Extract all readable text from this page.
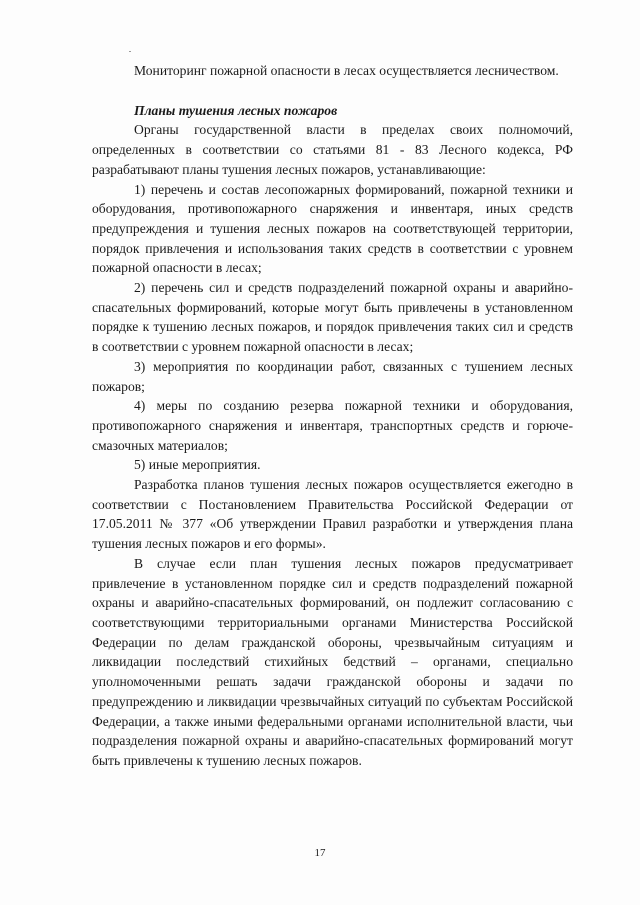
Мониторинг пожарной опасности в лесах осуществляется лесничеством.

Планы тушения лесных пожаров

Органы государственной власти в пределах своих полномочий, определенных в соответствии со статьями 81 - 83 Лесного кодекса, РФ разрабатывают планы тушения лесных пожаров, устанавливающие:

1) перечень и состав лесопожарных формирований, пожарной техники и оборудования, противопожарного снаряжения и инвентаря, иных средств предупреждения и тушения лесных пожаров на соответствующей территории, порядок привлечения и использования таких средств в соответствии с уровнем пожарной опасности в лесах;

2) перечень сил и средств подразделений пожарной охраны и аварийно-спасательных формирований, которые могут быть привлечены в установленном порядке к тушению лесных пожаров, и порядок привлечения таких сил и средств в соответствии с уровнем пожарной опасности в лесах;

3) мероприятия по координации работ, связанных с тушением лесных пожаров;

4) меры по созданию резерва пожарной техники и оборудования, противопожарного снаряжения и инвентаря, транспортных средств и горюче-смазочных материалов;

5) иные мероприятия.

Разработка планов тушения лесных пожаров осуществляется ежегодно в соответствии с Постановлением Правительства Российской Федерации от 17.05.2011 № 377 «Об утверждении Правил разработки и утверждения плана тушения лесных пожаров и его формы».

В случае если план тушения лесных пожаров предусматривает привлечение в установленном порядке сил и средств подразделений пожарной охраны и аварийно-спасательных формирований, он подлежит согласованию с соответствующими территориальными органами Министерства Российской Федерации по делам гражданской обороны, чрезвычайным ситуациям и ликвидации последствий стихийных бедствий – органами, специально уполномоченными решать задачи гражданской обороны и задачи по предупреждению и ликвидации чрезвычайных ситуаций по субъектам Российской Федерации, а также иными федеральными органами исполнительной власти, чьи подразделения пожарной охраны и аварийно-спасательных формирований могут быть привлечены к тушению лесных пожаров.

17
